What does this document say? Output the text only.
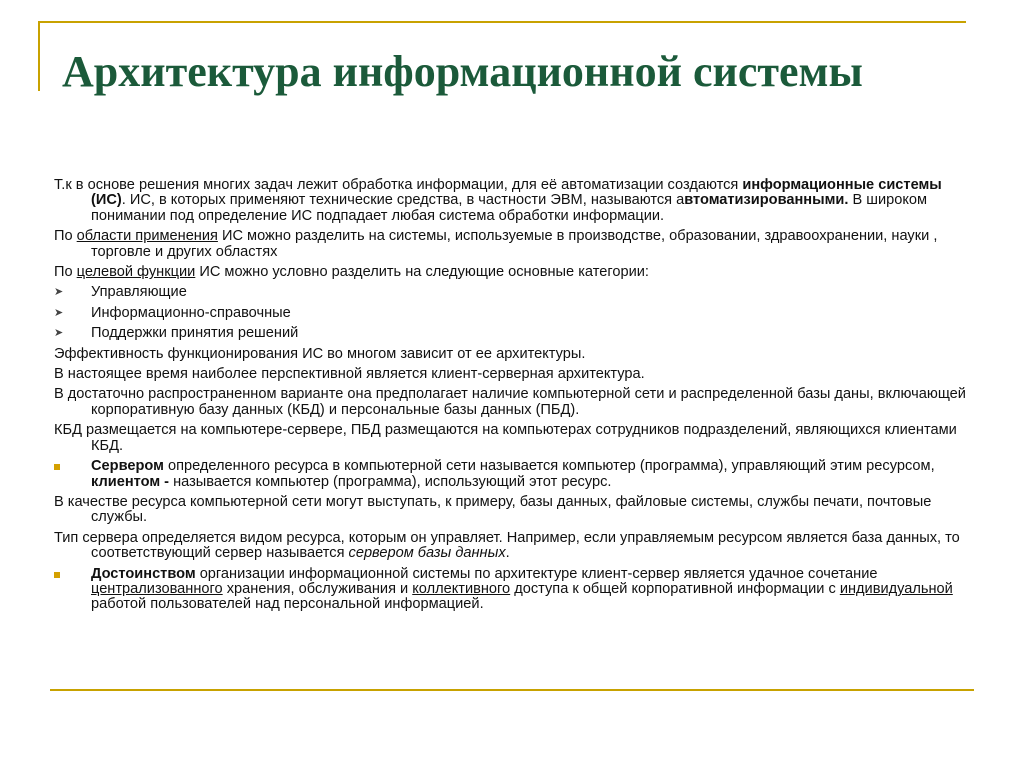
Архитектура информационной системы

Т.к в основе решения многих задач лежит обработка информации, для её автоматизации создаются информационные системы (ИС). ИС, в которых применяют технические средства, в частности ЭВМ, называются автоматизированными. В широком понимании под определение ИС подпадает любая система обработки информации.

По области применения ИС можно разделить на системы, используемые в производстве, образовании, здравоохранении, науки , торговле и других областях

По целевой функции ИС можно условно разделить на следующие основные категории:

➤	Управляющие
➤	Информационно-справочные
➤	Поддержки принятия решений

Эффективность функционирования ИС во многом зависит от ее архитектуры.

В настоящее время наиболее перспективной является клиент-серверная архитектура.

В достаточно распространенном варианте она предполагает наличие компьютерной сети и распределенной базы даны, включающей корпоративную базу данных (КБД) и персональные базы данных (ПБД).

КБД размещается на компьютере-сервере, ПБД размещаются на компьютерах сотрудников подразделений, являющихся клиентами КБД.

Сервером определенного ресурса в компьютерной сети называется компьютер (программа), управляющий этим ресурсом, клиентом - называется компьютер (программа), использующий этот ресурс.

В качестве ресурса компьютерной сети могут выступать, к примеру, базы данных, файловые системы, службы печати, почтовые службы.

Тип сервера определяется видом ресурса, которым он управляет. Например, если управляемым ресурсом является база данных, то соответствующий сервер называется сервером базы данных.

Достоинством организации информационной системы по архитектуре клиент-сервер является удачное сочетание централизованного хранения, обслуживания и коллективного доступа к общей корпоративной информации с индивидуальной работой пользователей над персональной информацией.
